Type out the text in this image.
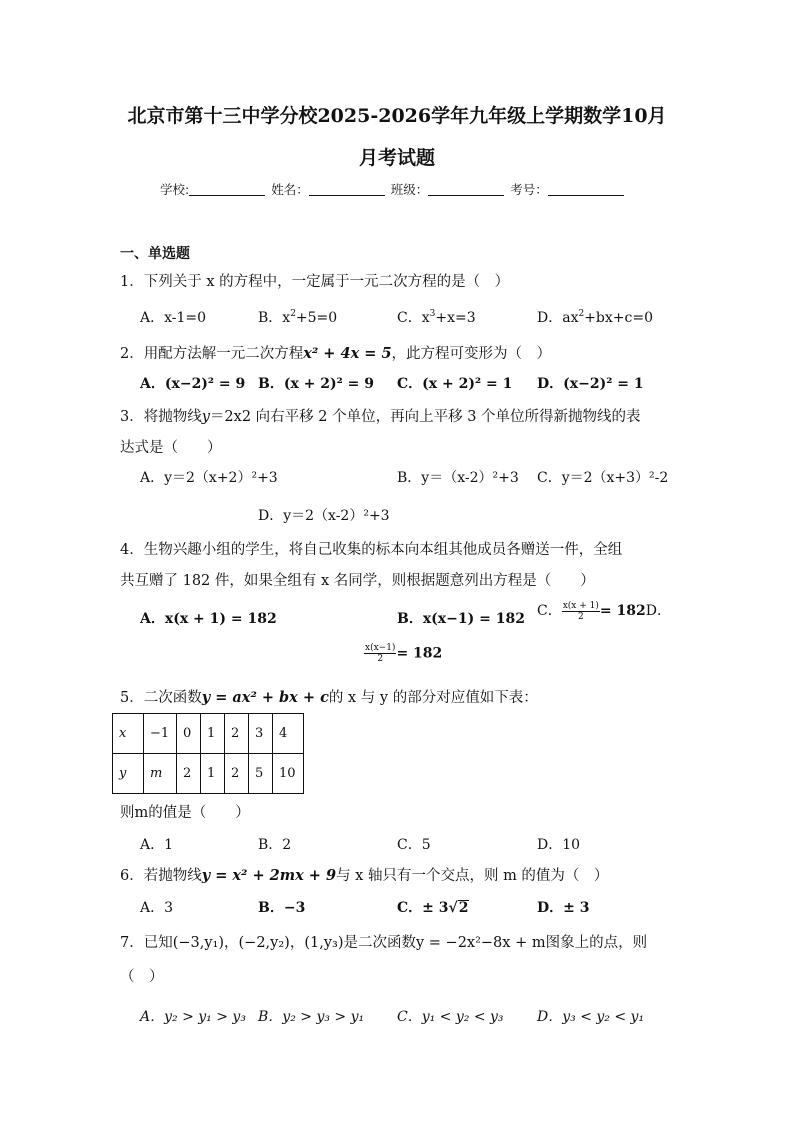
北京市第十三中学分校2025-2026学年九年级上学期数学10月
月考试题
学校:	姓名：	班级：	考号：
一、单选题
1．下列关于 x 的方程中，一定属于一元二次方程的是（　）
A．x-1=0	B．$x^2+5=0$	C．$x^3+x=3$	D．$ax^2+bx+c=0$
2．用配方法解一元二次方程x² + 4x = 5，此方程可变形为（　）
A．(x−2)² = 9 B．(x + 2)² = 9 C．(x + 2)² = 1 D．(x−2)² = 1
3．将抛物线y＝2x2 向右平移 2 个单位，再向上平移 3 个单位所得新抛物线的表
达式是（　　）
A．y＝2（x+2）²+3	B．y＝（x-2）²+3 C．y＝2（x+3）²-2
D．y＝2（x-2）²+3
4．生物兴趣小组的学生，将自己收集的标本向本组其他成员各赠送一件，全组
共互赠了 182 件，如果全组有 x 名同学，则根据题意列出方程是（　　）
A．x(x + 1) = 182	B．x(x−1) = 182 C． $\frac{x(x + 1)}{2} = 182D$．
$\frac{x(x-1)}{2} = 182$
5．二次函数y = ax² + bx + c的 x 与 y 的部分对应值如下表：
x	−1	0	1	2	3	4
y	m	2	1	2	5	10
则m的值是（　　）
A．1	B．2	C．5	D．10
6．若抛物线y = x² + 2mx + 9与 x 轴只有一个交点，则 m 的值为（　）
A．3	B．−3	C．± 3√2	D．± 3
7．已知(−3,y₁)，(−2,y₂)，(1,y₃)是二次函数y = −2x²−8x + m图象上的点，则
（　）
A．y₂ > y₁ > y₃ B．y₂ > y₃ > y₁ C．y₁ < y₂ < y₃ D．y₃ < y₂ < y₁
